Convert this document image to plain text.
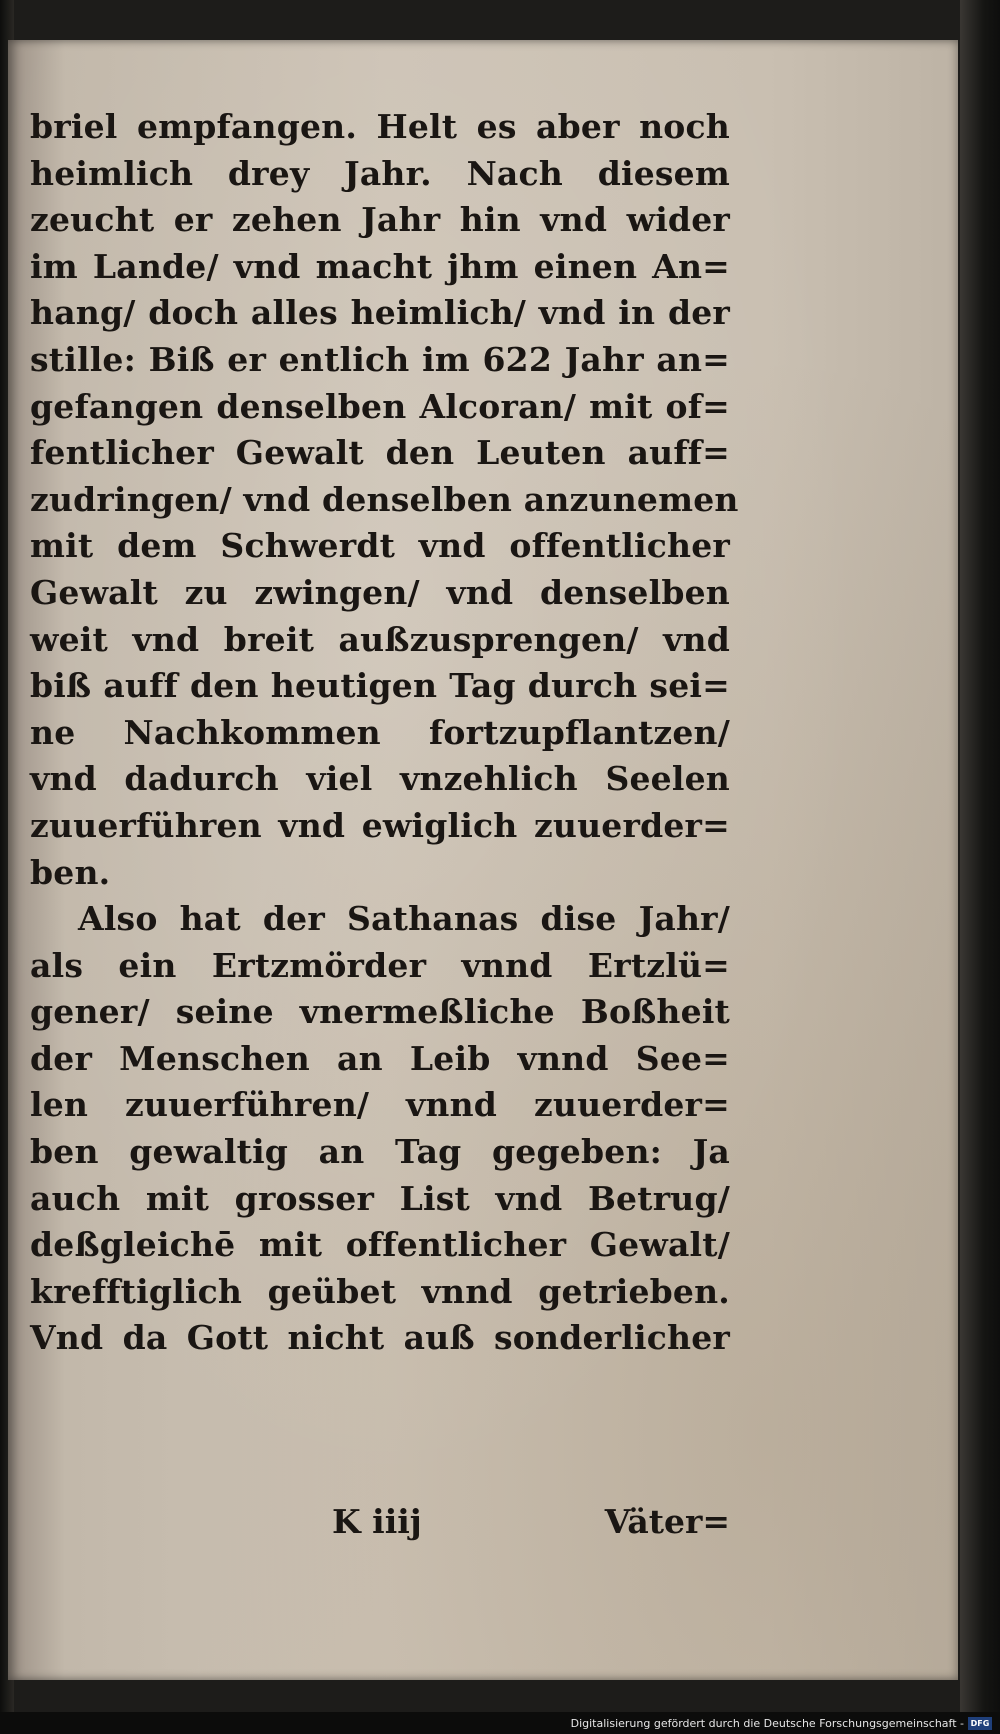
briel empfangen. Helt es aber noch
heimlich drey Jahr. Nach diesem
zeucht er zehen Jahr hin vnd wider
im Lande/ vnd macht jhm einen An=
hang/ doch alles heimlich/ vnd in der
stille: Biß er entlich im 622 Jahr an=
gefangen denselben Alcoran/ mit of=
fentlicher Gewalt den Leuten auff=
zudringen/ vnd denselben anzunemen
mit dem Schwerdt vnd offentlicher
Gewalt zu zwingen/ vnd denselben
weit vnd breit außzusprengen/ vnd
biß auff den heutigen Tag durch sei=
ne Nachkommen fortzupflantzen/
vnd dadurch viel vnzehlich Seelen
zuuerführen vnd ewiglich zuuerder=
ben.
Also hat der Sathanas dise Jahr/
als ein Ertzmörder vnnd Ertzlü=
gener/ seine vnermeßliche Boßheit
der Menschen an Leib vnnd See=
len zuuerführen/ vnnd zuuerder=
ben gewaltig an Tag gegeben: Ja
auch mit grosser List vnd Betrug/
deßgleichē mit offentlicher Gewalt/
krefftiglich geübet vnnd getrieben.
Vnd da Gott nicht auß sonderlicher
K iiij	Väter=
Digitalisierung gefördert durch die Deutsche Forschungsgemeinschaft - DFG
